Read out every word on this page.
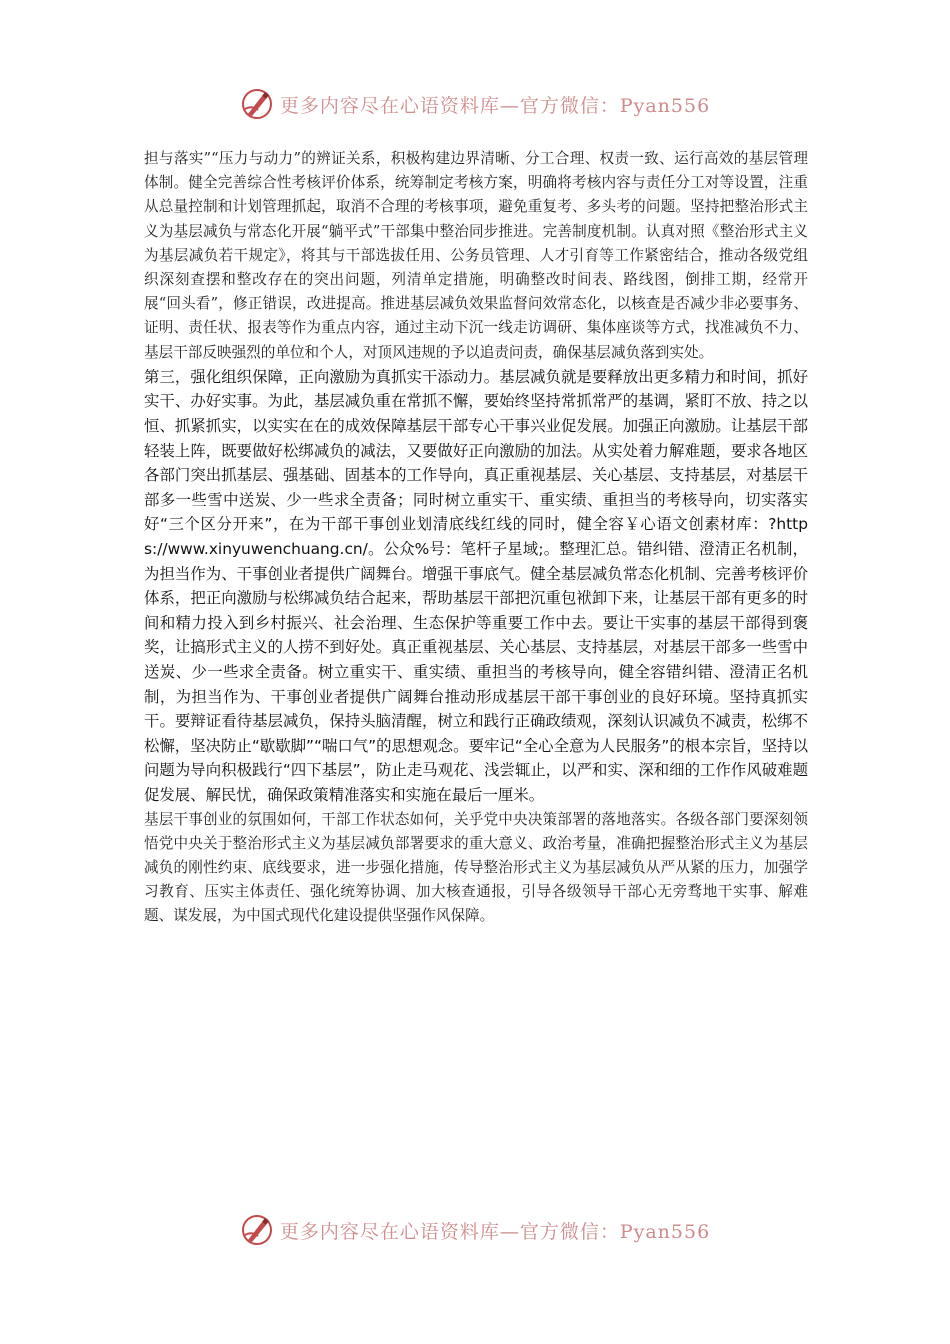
更多内容尽在心语资料库—官方微信：Pyan556

担与落实”“压力与动力”的辨证关系，积极构建边界清晰、分工合理、权责一致、运行高效的基层管理体制。健全完善综合性考核评价体系，统筹制定考核方案，明确将考核内容与责任分工对等设置，注重从总量控制和计划管理抓起，取消不合理的考核事项，避免重复考、多头考的问题。坚持把整治形式主义为基层减负与常态化开展“躺平式”干部集中整治同步推进。完善制度机制。认真对照《整治形式主义为基层减负若干规定》，将其与干部选拔任用、公务员管理、人才引育等工作紧密结合，推动各级党组织深刻查摆和整改存在的突出问题，列清单定措施，明确整改时间表、路线图，倒排工期，经常开展“回头看”，修正错误，改进提高。推进基层减负效果监督问效常态化，以核查是否减少非必要事务、证明、责任状、报表等作为重点内容，通过主动下沉一线走访调研、集体座谈等方式，找准减负不力、基层干部反映强烈的单位和个人，对顶风违规的予以追责问责，确保基层减负落到实处。

第三，强化组织保障，正向激励为真抓实干添动力。基层减负就是要释放出更多精力和时间，抓好实干、办好实事。为此，基层减负重在常抓不懈，要始终坚持常抓常严的基调，紧盯不放、持之以恒、抓紧抓实，以实实在在的成效保障基层干部专心干事兴业促发展。加强正向激励。让基层干部轻装上阵，既要做好松绑减负的减法，又要做好正向激励的加法。从实处着力解难题，要求各地区各部门突出抓基层、强基础、固基本的工作导向，真正重视基层、关心基层、支持基层，对基层干部多一些雪中送炭、少一些求全责备；同时树立重实干、重实绩、重担当的考核导向，切实落实好“三个区分开来”，在为干部干事创业划清底线红线的同时，健全容￥心语文创素材库：?https://www.xinyuwenchuang.cn/。公众%号：笔杆子星域;。整理汇总。错纠错、澄清正名机制，为担当作为、干事创业者提供广阔舞台。增强干事底气。健全基层减负常态化机制、完善考核评价体系，把正向激励与松绑减负结合起来，帮助基层干部把沉重包袱卸下来，让基层干部有更多的时间和精力投入到乡村振兴、社会治理、生态保护等重要工作中去。要让干实事的基层干部得到褒奖，让搞形式主义的人捞不到好处。真正重视基层、关心基层、支持基层，对基层干部多一些雪中送炭、少一些求全责备。树立重实干、重实绩、重担当的考核导向，健全容错纠错、澄清正名机制，为担当作为、干事创业者提供广阔舞台推动形成基层干部干事创业的良好环境。坚持真抓实干。要辩证看待基层减负，保持头脑清醒，树立和践行正确政绩观，深刻认识减负不减责，松绑不松懈，坚决防止“歇歇脚”“喘口气”的思想观念。要牢记“全心全意为人民服务”的根本宗旨，坚持以问题为导向积极践行“四下基层”，防止走马观花、浅尝辄止，以严和实、深和细的工作作风破难题促发展、解民忧，确保政策精准落实和实施在最后一厘米。

基层干事创业的氛围如何，干部工作状态如何，关乎党中央决策部署的落地落实。各级各部门要深刻领悟党中央关于整治形式主义为基层减负部署要求的重大意义、政治考量，准确把握整治形式主义为基层减负的刚性约束、底线要求，进一步强化措施，传导整治形式主义为基层减负从严从紧的压力，加强学习教育、压实主体责任、强化统筹协调、加大核查通报，引导各级领导干部心无旁骛地干实事、解难题、谋发展，为中国式现代化建设提供坚强作风保障。

更多内容尽在心语资料库—官方微信：Pyan556
